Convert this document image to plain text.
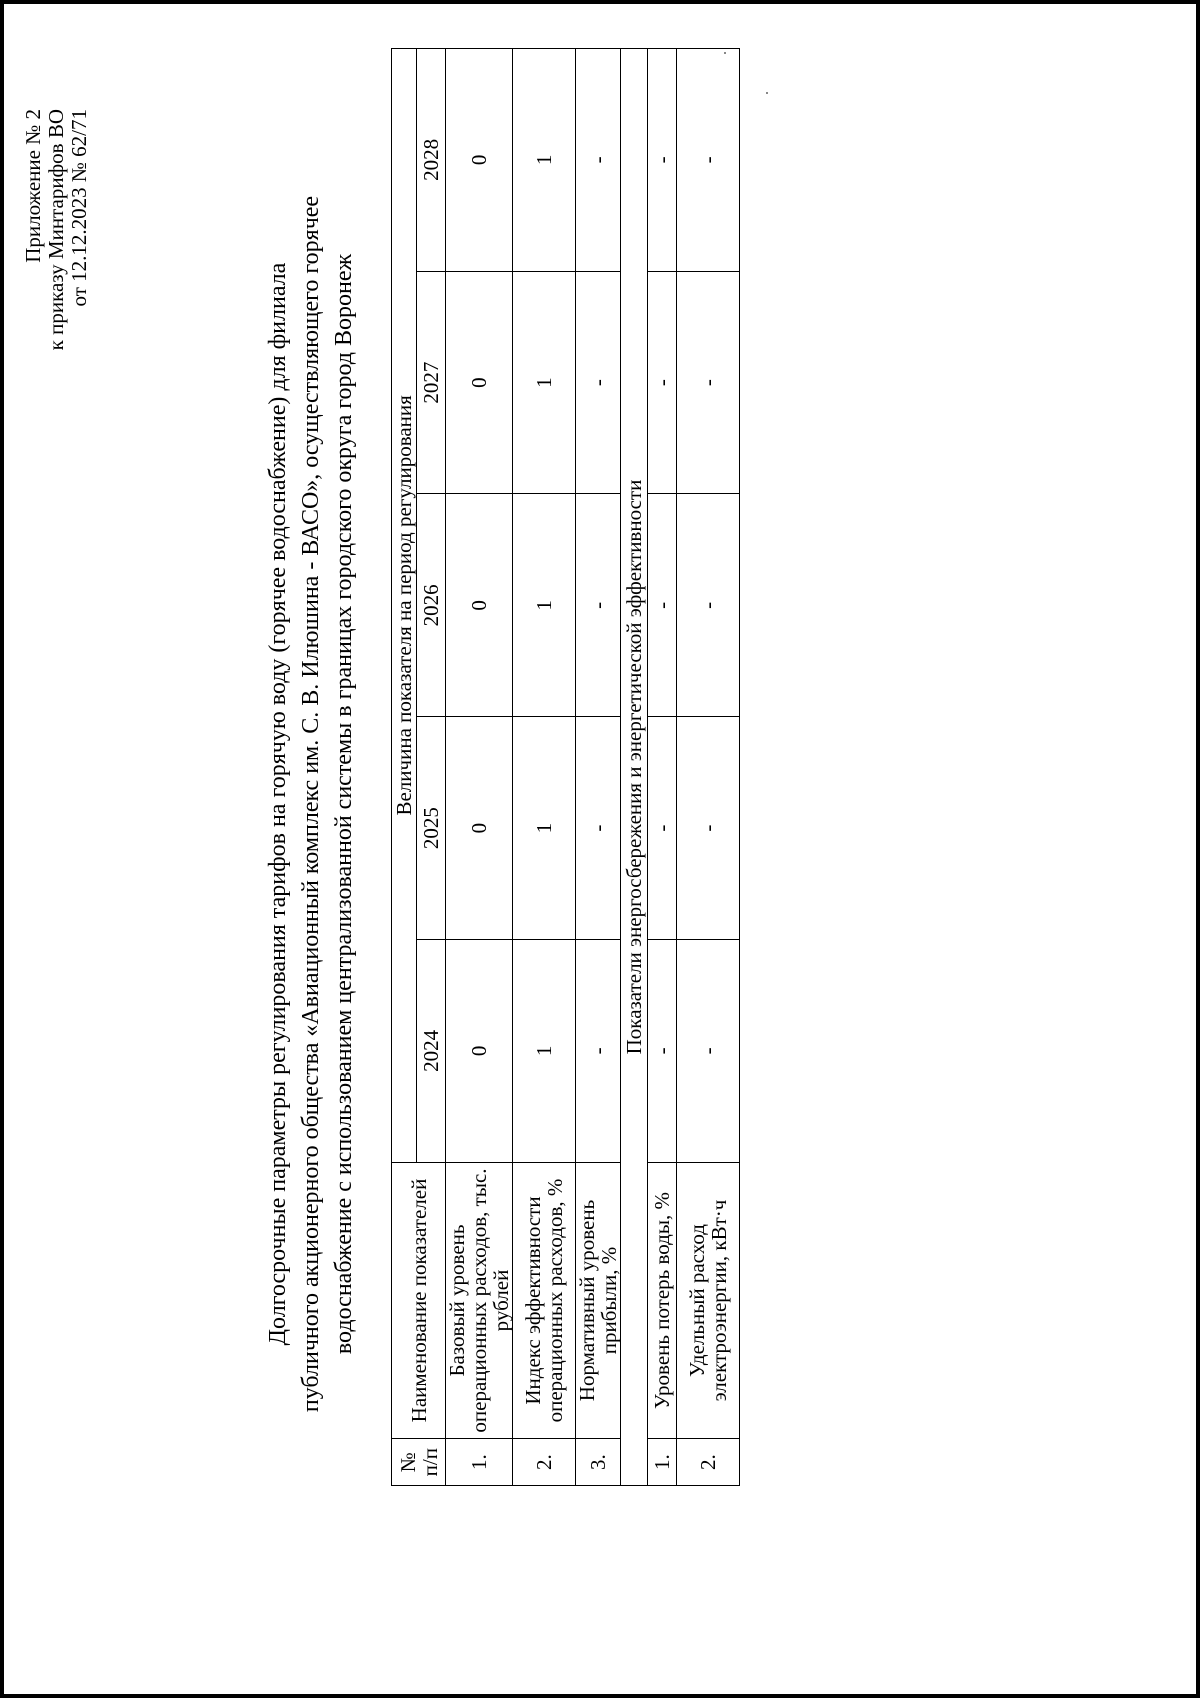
Приложение № 2 к приказу Минтарифов ВО от 12.12.2023 № 62/71
Долгосрочные параметры регулирования тарифов на горячую воду (горячее водоснабжение) для филиала публичного акционерного общества «Авиационный комплекс им. С. В. Илюшина - ВАСО», осуществляющего горячее водоснабжение с использованием централизованной системы в границах городского округа город Воронеж
№ п/п	Наименование показателей	Величина показателя на период регулирования				
		2024	2025	2026	2027	2028
1.	Базовый уровень операционных расходов, тыс. рублей	0	0	0	0	0
2.	Индекс эффективности операционных расходов, %	1	1	1	1	1
3.	Нормативный уровень прибыли, %	-	-	-	-	-
Показатели энергосбережения и энергетической эффективности						
1.	Уровень потерь воды, %	-	-	-	-	-
2.	Удельный расход электроэнергии, кВт·ч	-	-	-	-	-
